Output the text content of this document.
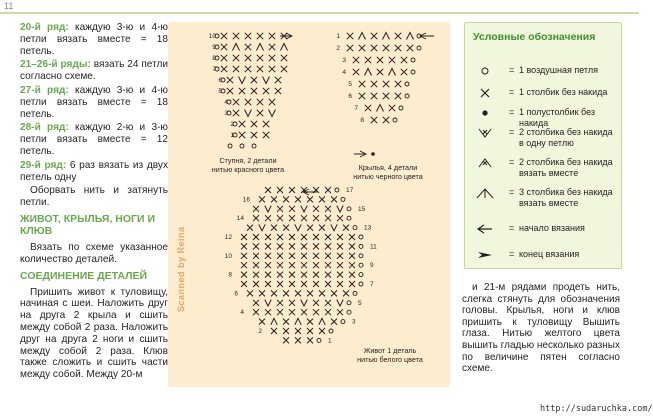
11

20-й ряд: каждую 3-ю и 4-ю петли вязать вместе = 18 петель.

21–26-й ряды: вязать 24 петли согласно схеме.

27-й ряд: каждую 3-ю и 4-ю петли вязать вместе = 18 петель.

28-й ряд: каждую 2-ю и 3-ю петли вязать вместе = 12 петель.

29-й ряд: 6 раз вязать из двух петель одну

Оборвать нить и затянуть петли.

ЖИВОТ, КРЫЛЬЯ, НОГИ И КЛЮВ

Вязать по схеме указанное количество деталей.

СОЕДИНЕНИЕ ДЕТАЛЕЙ

Пришить живот к туловищу, начиная с шеи. Наложить друг на друга 2 крыла и сшить между собой 2 раза. Наложить друг на друга 2 ноги и сшить между собой 2 раза. Клюв также сложить и сшить части между собой. Между 20-м

10
9
8
7
6
5
4
3
2
1
1
2
3
4
5
6
7
8
17
16
15
14
13
12
11
10
9
8
7
6
5
4
3
2
1
Scanned by Reina
Ступня, 2 детали
нитью красного цвета	Крылья, 4 детали
нитью черного цвета
Живот 1 деталь
нитью белого цвета
Условные обозначения
= 1 воздушная петля
= 1 столбик без накида
= 1 полустолбик без накида
= 2 столбика без накида в одну петлю
= 2 столбика без накида вязать вместе
= 3 столбика без накида вязать вместе
= начало вязания
= конец вязания

и 21-м рядами продеть нить, слегка стянуть для обозначения головы. Крылья, ноги и клюв пришить к туловищу Вышить глаза. Нитью желтого цвета вышить гладью несколько разных по величине пятен согласно схеме.

http://sudaruchka.com/
